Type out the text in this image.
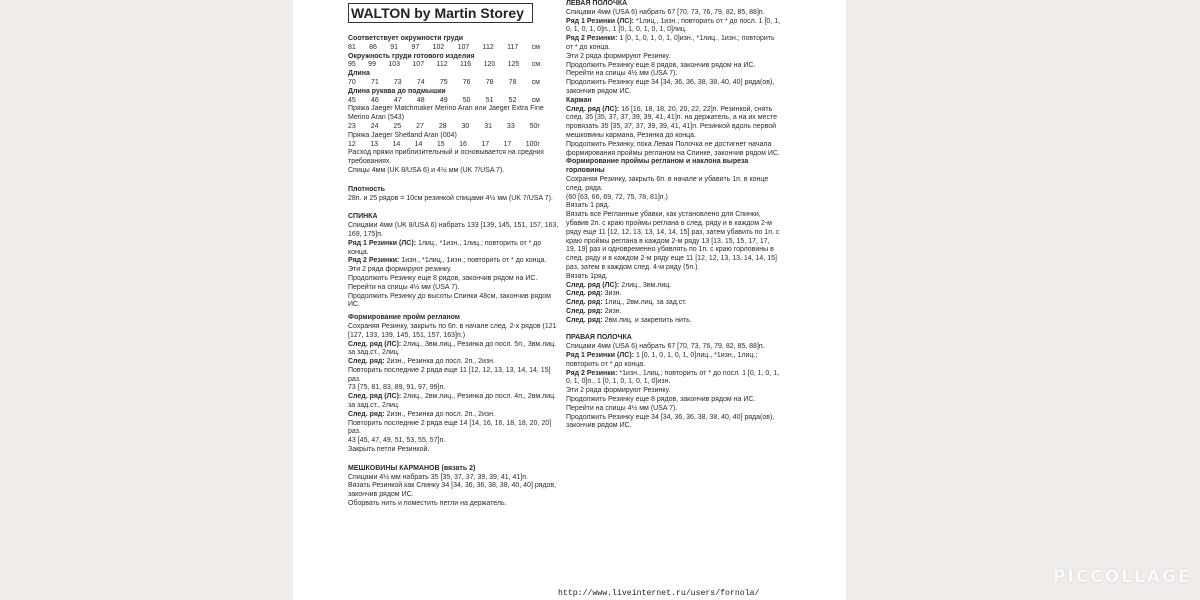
WALTON by Martin Storey
Соответствует окружности груди
81 86 91 97 102 107 112 117 см
Окружность груди готового изделия
95 99 103 107 112 116 120 125 см
Длина
70 71 73 74 75 76 78 78 см
Длина рукава до подмышки
45 46 47 48 49 50 51 52 см

Пряжа Jaeger Matchmaker Merino Aran или Jaeger Extra Fine Merino Aran (543)

23 24 25 27 28 30 31 33 50г

Пряжа Jaeger Shetland Aran (004)

12 13 14 14 15 16 17 17 100г

Расход пряжи приблизительный и основывается на средних требованиях.

Спицы 4мм (UK 8/USA 6) и 4½ мм (UK 7/USA 7).

Плотность

28п. и 25 рядов = 10см резинкой спицами 4½ мм (UK 7/USA 7).

СПИНКА

Спицами 4мм (UK 8/USA 6) набрать 133 [139, 145, 151, 157, 163, 169, 175]п.

Ряд 1 Резинки (ЛС): 1лиц., *1изн., 1лиц.; повторить от * до конца.

Ряд 2 Резинки: 1изн., *1лиц., 1изн.; повторить от * до конца.

Эти 2 ряда формируют резинку.

Продолжить Резинку еще 8 рядов, закончив рядом на ИС.

Перейти на спицы 4½ мм (USA 7).

Продолжить Резинку до высоты Спинки 48см, закончив рядом ИС.

Формирование пройм регланом

Сохраняя Резинку, закрыть по 6п. в начале след. 2-х рядов (121 [127, 133, 139, 145, 151, 157, 163]п.)

След. ряд (ЛС): 2лиц., 3вм.лиц., Резинка до посл. 5п., 3вм.лиц. за зад.ст., 2лиц.

След. ряд: 2изн., Резинка до посл. 2п., 2изн.

Повторить последние 2 ряда еще 11 [12, 12, 13, 13, 14, 14, 15] раз.

73 [75, 81, 83, 89, 91, 97, 99]п.

След. ряд (ЛС): 2лиц., 2вм.лиц., Резинка до посл. 4п., 2вм.лиц. за зад.ст., 2лиц.

След. ряд: 2изн., Резинка до посл. 2п., 2изн.

Повторить последние 2 ряда еще 14 [14, 16, 16, 18, 18, 20, 20] раз.

43 [45, 47, 49, 51, 53, 55, 57]п.

Закрыть петли Резинкой.

МЕШКОВИНЫ КАРМАНОВ (вязать 2)

Спицами 4½ мм набрать 35 [35, 37, 37, 39, 39, 41, 41]п.

Вязать Резинкой как Спинку 34 [34, 36, 36, 38, 38, 40, 40] рядов, закончив рядом ИС.

Оборвать нить и поместить петли на держатель.

ЛЕВАЯ ПОЛОЧКА

Спицами 4мм (USA 6) набрать 67 [70, 73, 76, 79, 82, 85, 88]п.

Ряд 1 Резинки (ЛС): *1лиц., 1изн.; повторить от * до посл. 1 [0, 1, 0, 1, 0, 1, 0]п., 1 [0, 1, 0, 1, 0, 1, 0]лиц.

Ряд 2 Резинки: 1 [0, 1, 0, 1, 0, 1, 0]изн., *1лиц., 1изн.; повторить от * до конца.

Эти 2 ряда формируют Резинку.

Продолжить Резинку еще 8 рядов, закончив рядом на ИС.

Перейти на спицы 4½ мм (USA 7).

Продолжить Резинку еще 34 [34, 36, 36, 38, 38, 40, 40] ряда(ов), закончив рядом ИС.

Карман

След. ряд (ЛС): 16 [16, 18, 18, 20, 20, 22, 22]п. Резинкой, снять след. 35 [35, 37, 37, 39, 39, 41, 41]п. на держатель, а на их месте провязать 35 [35, 37, 37, 39, 39, 41, 41]п. Резинкой вдоль первой мешковины кармана, Резинка до конца.

Продолжить Резинку, пока Левая Полочка не достигнет начала формирования проймы регланом на Спинке, закончив рядом ИС.

Формирование проймы регланом и наклона выреза горловины

Сохраняя Резинку, закрыть 6п. в начале и убавить 1п. в конце след. ряда.

(60 [63, 66, 69, 72, 75, 78, 81]п.)

Вязать 1 ряд.

Вязать все Регланные убавки, как установлено для Спинки, убавив 2п. с краю проймы реглана в след. ряду и в каждом 2-м ряду еще 11 [12, 12, 13, 13, 14, 14, 15] раз, затем убавить по 1п. с краю проймы реглана в каждом 2-м ряду 13 [13, 15, 15, 17, 17, 19, 19] раз и одновременно убавлять по 1п. с краю горловины в след. ряду и в каждом 2-м ряду еще 11 [12, 12, 13, 13, 14, 14, 15] раз, затем в каждом след. 4-м ряду (5п.).

Вязать 1ряд.

След. ряд (ЛС): 2лиц., 3вм.лиц.

След. ряд: 3изн.

След. ряд: 1лиц., 2вм.лиц. за зад.ст.

След. ряд: 2изн.

След. ряд: 2вм.лиц. и закрепить нить.

ПРАВАЯ ПОЛОЧКА

Спицами 4мм (USA 6) набрать 67 [70, 73, 76, 79, 82, 85, 88]п.

Ряд 1 Резинки (ЛС): 1 [0, 1, 0, 1, 0, 1, 0]лиц., *1изн., 1лиц.; повторить от * до конца.

Ряд 2 Резинки: *1изн., 1лиц.; повторить от * до посл. 1 [0, 1, 0, 1, 0, 1, 0]п., 1 [0, 1, 0, 1, 0, 1, 0]изн.

Эти 2 ряда формируют Резинку.

Продолжить Резинку еще 8 рядов, закончив рядом на ИС.

Перейти на спицы 4½ мм (USA 7).

Продолжить Резинку еще 34 [34, 36, 36, 38, 38, 40, 40] ряда(ов), закончив рядом ИС.

http://www.liveinternet.ru/users/fornola/
PICCOLLAGE
